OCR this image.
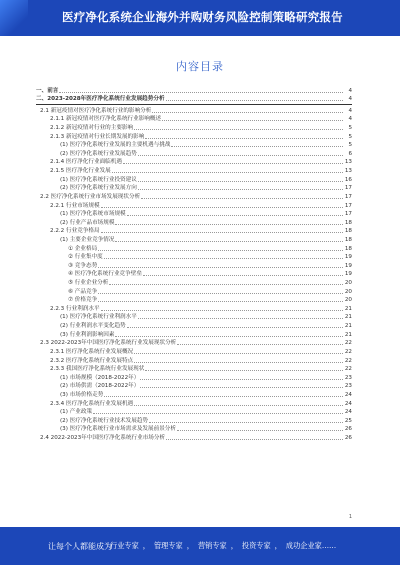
医疗净化系统企业海外并购财务风险控制策略研究报告
内容目录
一、前言	4
二、2023-2028年医疗净化系统行业发展趋势分析	4
2.1 新冠疫情对医疗净化系统行业的影响分析	4
2.1.1 新冠疫情对医疗净化系统行业影响概述	4
2.1.2 新冠疫情对行业的主要影响	5
2.1.3 新冠疫情对行业长期发展的影响	5
(1) 医疗净化系统行业发展的主要机遇与挑战	5
(2) 医疗净化系统行业发展趋势	6
2.1.4 医疗净化行业面临机遇	13
2.1.5 医疗净化行业发展	13
(1) 医疗净化系统行业投资建议	16
(2) 医疗净化系统行业发展方向	17
2.2 医疗净化系统行业市场发展现状分析	17
2.2.1 行业市场规模	17
(1) 医疗净化系统市场规模	17
(2) 行业产品市场规模	18
2.2.2 行业竞争格局	18
(1) 主要企业竞争情况	18
① 企业格局	18
② 行业集中度	19
③ 竞争态势	19
④ 医疗净化系统行业竞争壁垒	19
⑤ 行业企业分析	20
⑥ 产品竞争	20
⑦ 价格竞争	20
2.2.3 行业利润水平	21
(1) 医疗净化系统行业利润水平	21
(2) 行业利润水平变化趋势	21
(3) 行业利润影响因素	21
2.3 2022-2023年中国医疗净化系统行业发展现状分析	22
2.3.1 医疗净化系统行业发展概况	22
2.3.2 医疗净化系统行业发展特点	22
2.3.3 我国医疗净化系统行业发展现状	22
(1) 市场规模（2018-2022年）	23
(2) 市场供需（2018-2022年）	23
(3) 市场价格走势	24
2.3.4 医疗净化系统行业发展机遇	24
(1) 产业政策	24
(2) 医疗净化系统行业技术发展趋势	25
(3) 医疗净化系统行业市场需求及发展前景分析	26
2.4 2022-2023年中国医疗净化系统行业市场分析	26
1
让每个人都能成为
行业专家 ， 管理专家 ， 营销专家 ， 投资专家 ， 成功企业家……
